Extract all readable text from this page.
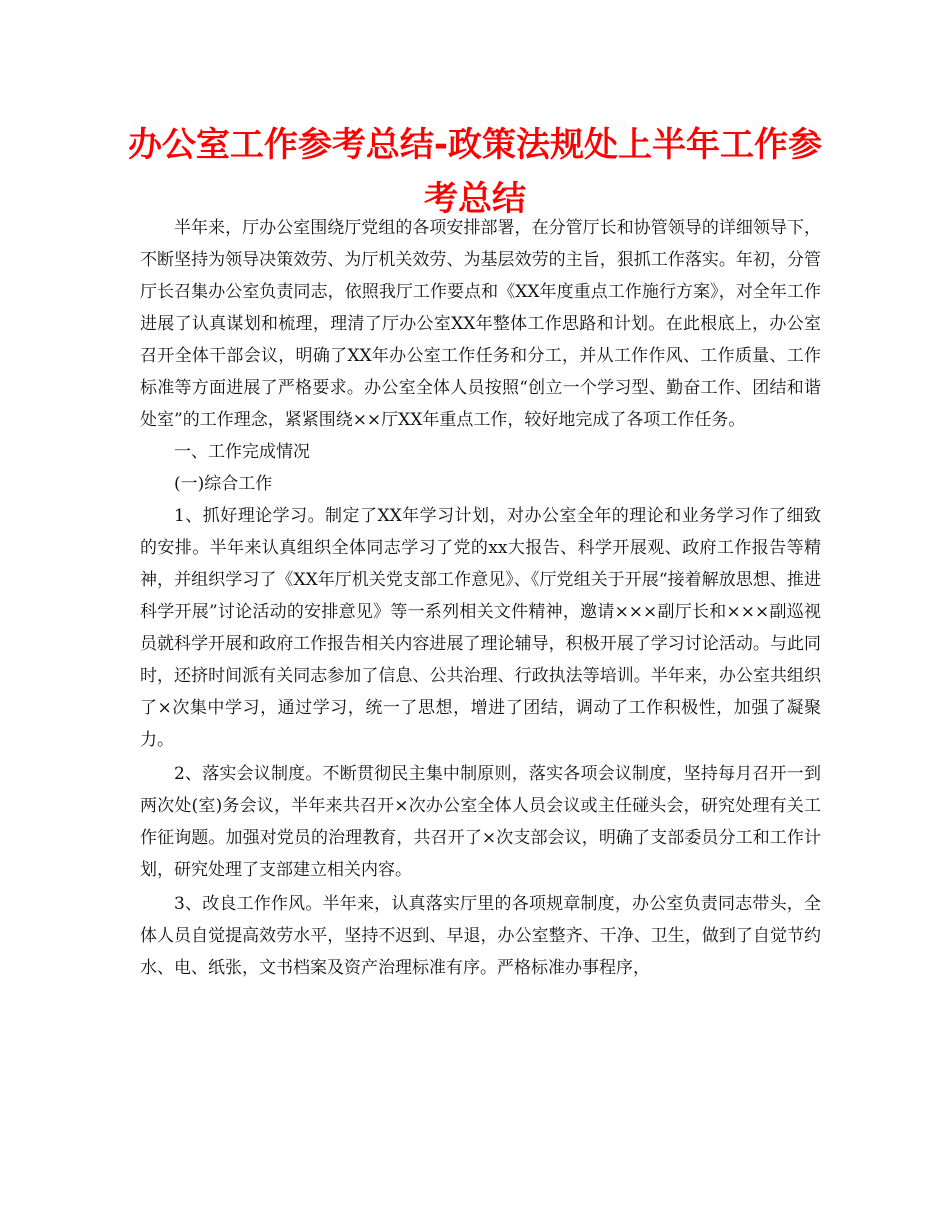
办公室工作参考总结-政策法规处上半年工作参考总结

半年来，厅办公室围绕厅党组的各项安排部署，在分管厅长和协管领导的详细领导下，不断坚持为领导决策效劳、为厅机关效劳、为基层效劳的主旨，狠抓工作落实。年初，分管厅长召集办公室负责同志，依照我厅工作要点和《XX年度重点工作施行方案》，对全年工作进展了认真谋划和梳理，理清了厅办公室XX年整体工作思路和计划。在此根底上，办公室召开全体干部会议，明确了XX年办公室工作任务和分工，并从工作作风、工作质量、工作标准等方面进展了严格要求。办公室全体人员按照“创立一个学习型、勤奋工作、团结和谐处室”的工作理念，紧紧围绕××厅XX年重点工作，较好地完成了各项工作任务。

一、工作完成情况

(一)综合工作

1、抓好理论学习。制定了XX年学习计划，对办公室全年的理论和业务学习作了细致的安排。半年来认真组织全体同志学习了党的xx大报告、科学开展观、政府工作报告等精神，并组织学习了《XX年厅机关党支部工作意见》、《厅党组关于开展“接着解放思想、推进科学开展”讨论活动的安排意见》等一系列相关文件精神，邀请×××副厅长和×××副巡视员就科学开展和政府工作报告相关内容进展了理论辅导，积极开展了学习讨论活动。与此同时，还挤时间派有关同志参加了信息、公共治理、行政执法等培训。半年来，办公室共组织了×次集中学习，通过学习，统一了思想，增进了团结，调动了工作积极性，加强了凝聚力。

2、落实会议制度。不断贯彻民主集中制原则，落实各项会议制度，坚持每月召开一到两次处(室)务会议，半年来共召开×次办公室全体人员会议或主任碰头会，研究处理有关工作征询题。加强对党员的治理教育，共召开了×次支部会议，明确了支部委员分工和工作计划，研究处理了支部建立相关内容。

3、改良工作作风。半年来，认真落实厅里的各项规章制度，办公室负责同志带头，全体人员自觉提高效劳水平，坚持不迟到、早退，办公室整齐、干净、卫生，做到了自觉节约水、电、纸张，文书档案及资产治理标准有序。严格标准办事程序，
